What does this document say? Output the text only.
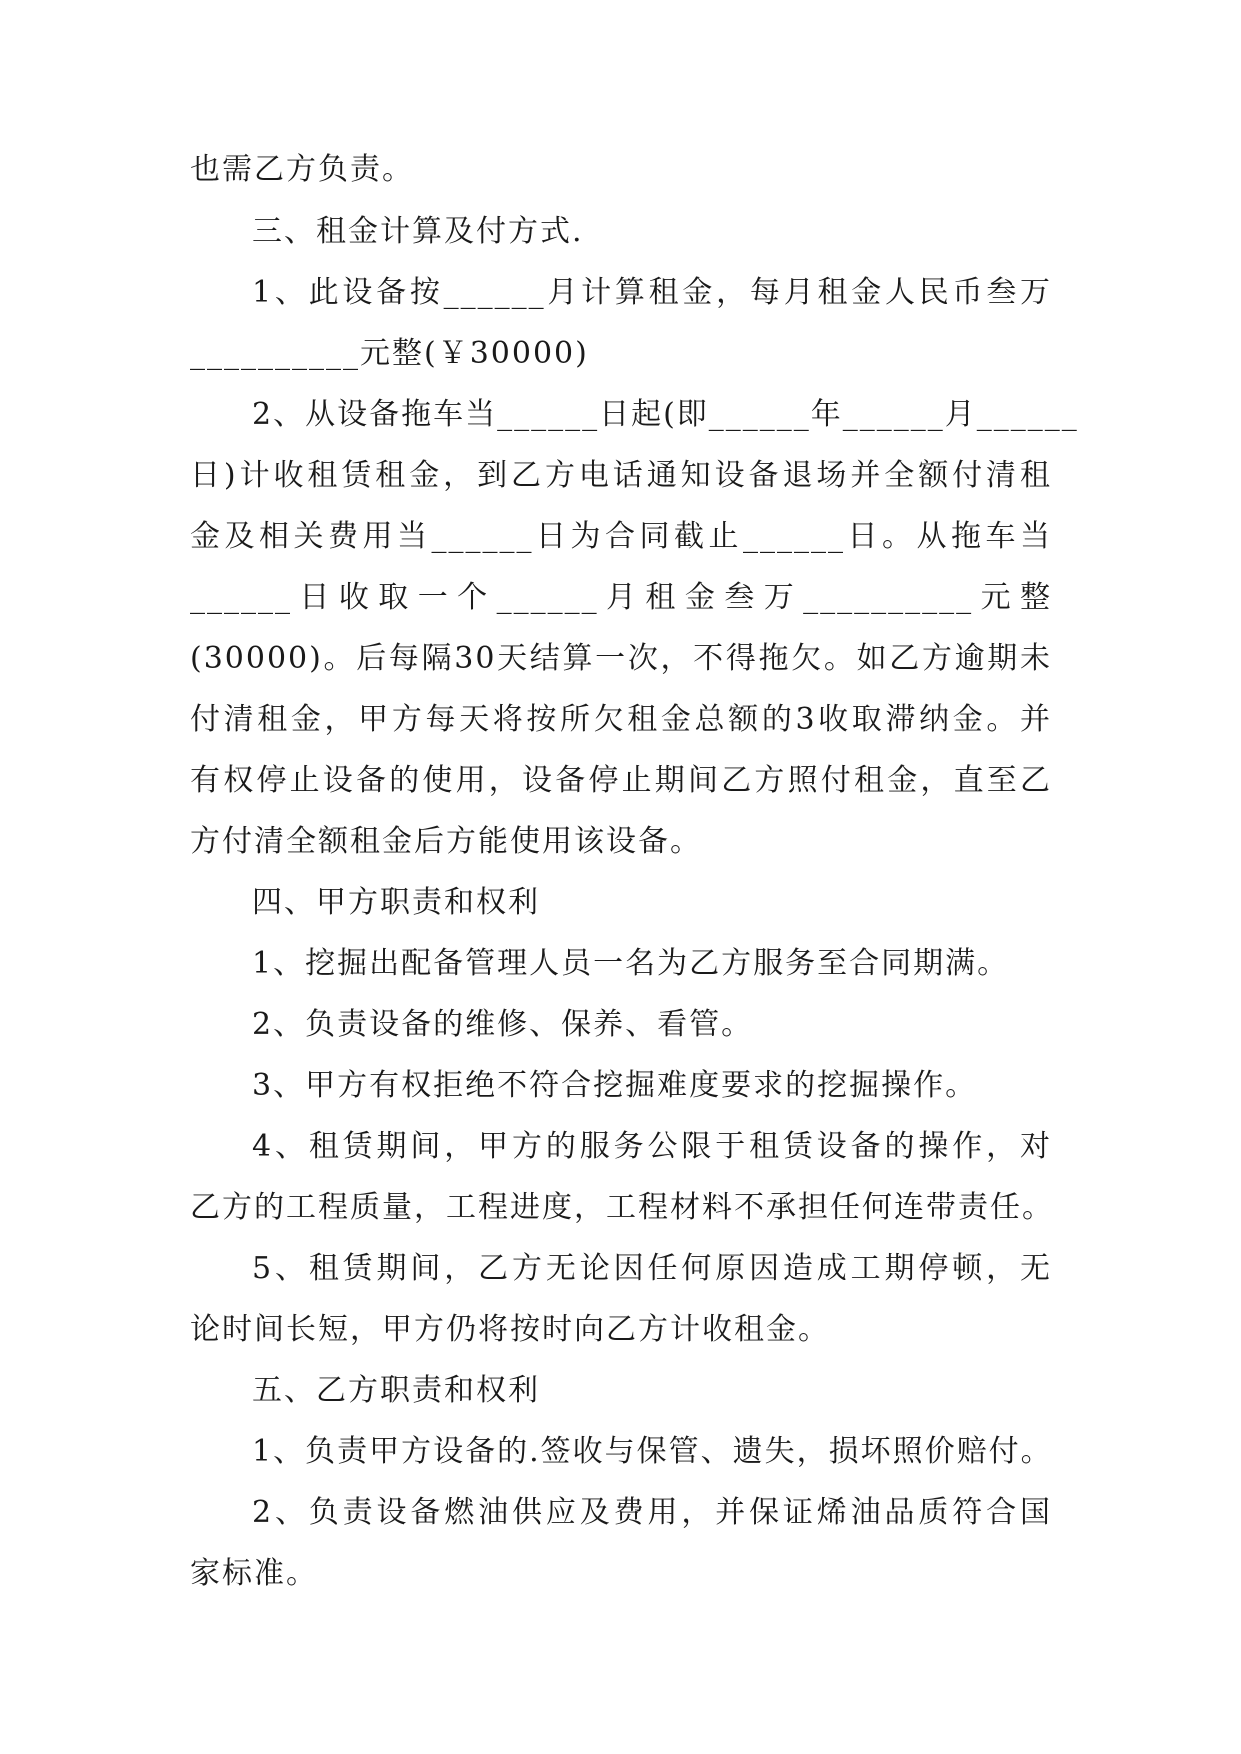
也需乙方负责。
三、租金计算及付方式.
1、此设备按______月计算租金，每月租金人民币叁万
__________元整(￥30000)
2、从设备拖车当______日起(即______年______月______
日)计收租赁租金，到乙方电话通知设备退场并全额付清租
金及相关费用当______日为合同截止______日。从拖车当
______日收取一个______月租金叁万__________元整
(30000)。后每隔30天结算一次，不得拖欠。如乙方逾期未
付清租金，甲方每天将按所欠租金总额的3收取滞纳金。并
有权停止设备的使用，设备停止期间乙方照付租金，直至乙
方付清全额租金后方能使用该设备。
四、甲方职责和权利
1、挖掘出配备管理人员一名为乙方服务至合同期满。
2、负责设备的维修、保养、看管。
3、甲方有权拒绝不符合挖掘难度要求的挖掘操作。
4、租赁期间，甲方的服务公限于租赁设备的操作，对
乙方的工程质量，工程进度，工程材料不承担任何连带责任。
5、租赁期间，乙方无论因任何原因造成工期停顿，无
论时间长短，甲方仍将按时向乙方计收租金。
五、乙方职责和权利
1、负责甲方设备的.签收与保管、遗失，损坏照价赔付。
2、负责设备燃油供应及费用，并保证烯油品质符合国
家标准。
